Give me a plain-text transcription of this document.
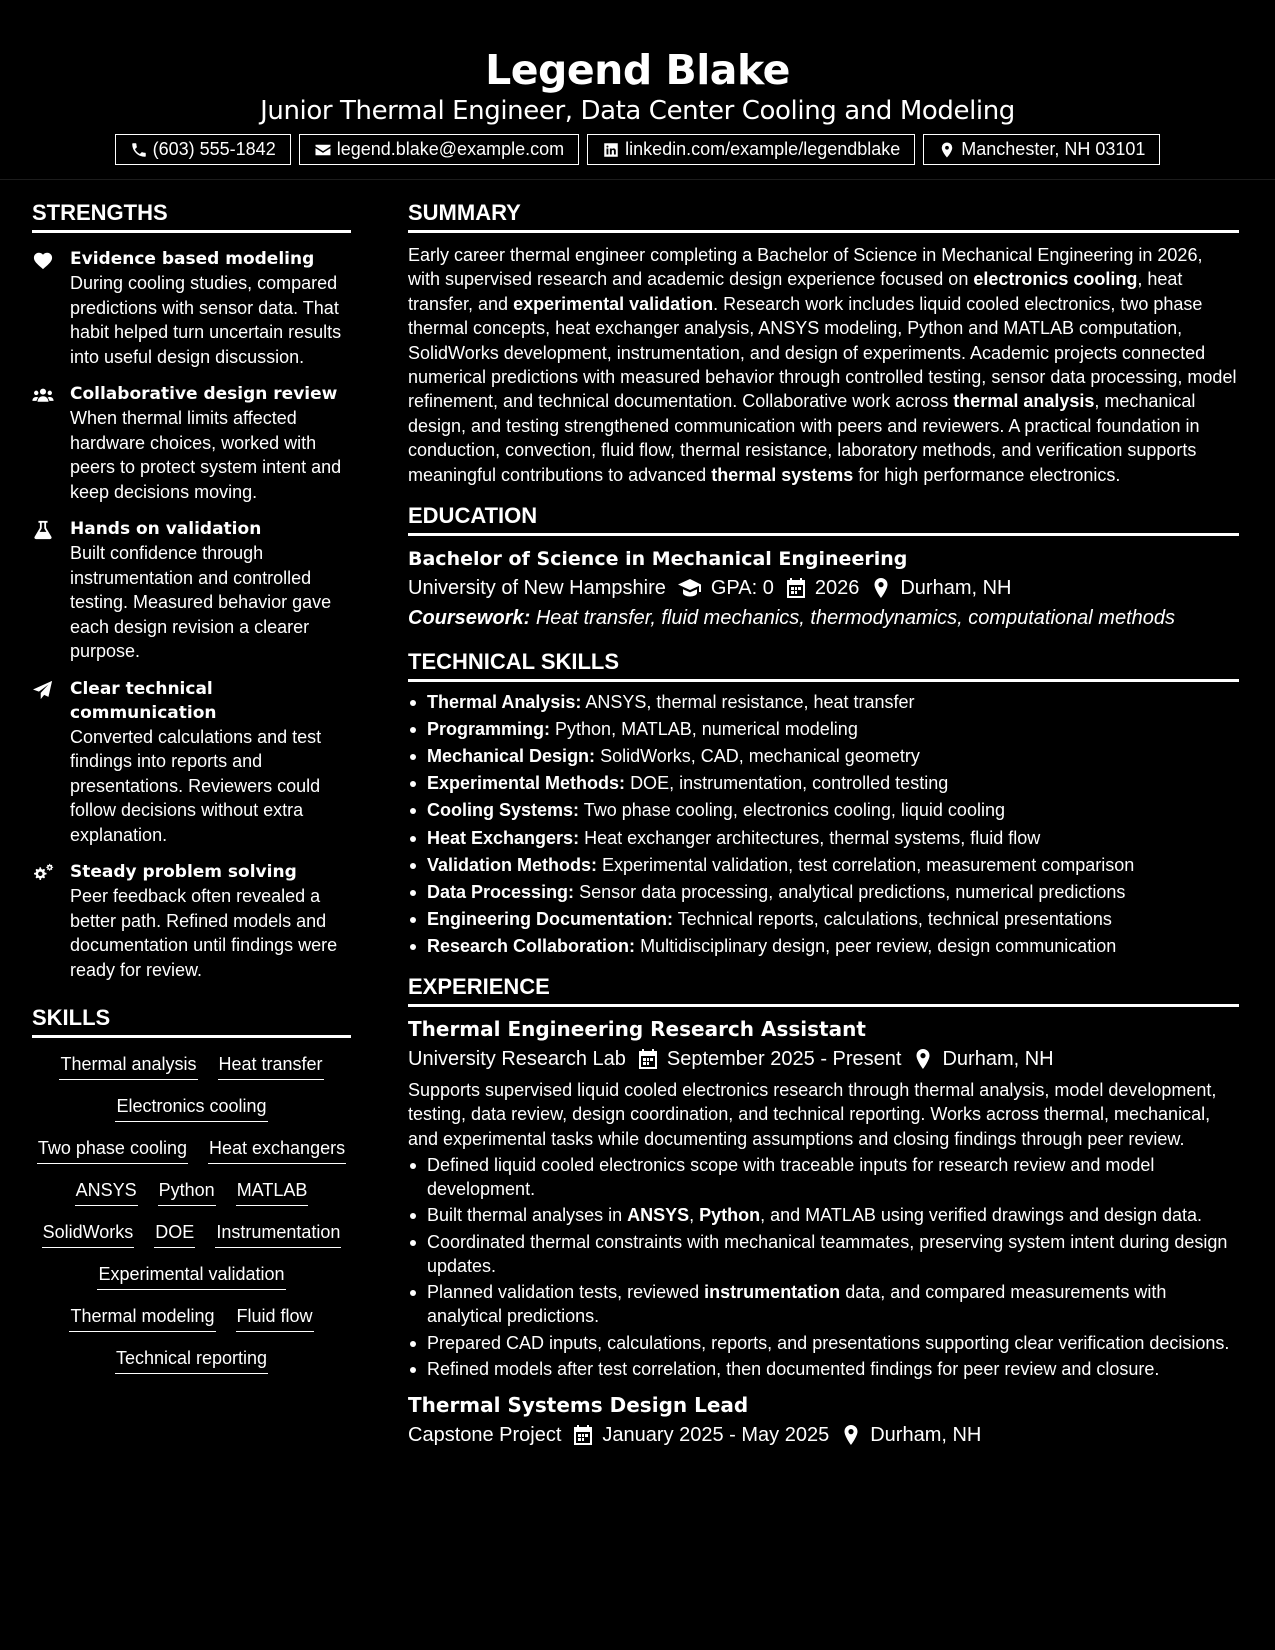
Legend Blake
Junior Thermal Engineer, Data Center Cooling and Modeling
(603) 555-1842	legend.blake@example.com	linkedin.com/example/legendblake	Manchester, NH 03101
STRENGTHS
Evidence based modeling
During cooling studies, compared predictions with sensor data. That habit helped turn uncertain results into useful design discussion.
Collaborative design review
When thermal limits affected hardware choices, worked with peers to protect system intent and keep decisions moving.
Hands on validation
Built confidence through instrumentation and controlled testing. Measured behavior gave each design revision a clearer purpose.
Clear technical communication
Converted calculations and test findings into reports and presentations. Reviewers could follow decisions without extra explanation.
Steady problem solving
Peer feedback often revealed a better path. Refined models and documentation until findings were ready for review.
SKILLS
Thermal analysis Heat transfer
Electronics cooling
Two phase cooling Heat exchangers
ANSYS Python MATLAB
SolidWorks DOE Instrumentation
Experimental validation
Thermal modeling Fluid flow
Technical reporting
SUMMARY
Early career thermal engineer completing a Bachelor of Science in Mechanical Engineering in 2026, with supervised research and academic design experience focused on electronics cooling, heat transfer, and experimental validation. Research work includes liquid cooled electronics, two phase thermal concepts, heat exchanger analysis, ANSYS modeling, Python and MATLAB computation, SolidWorks development, instrumentation, and design of experiments. Academic projects connected numerical predictions with measured behavior through controlled testing, sensor data processing, model refinement, and technical documentation. Collaborative work across thermal analysis, mechanical design, and testing strengthened communication with peers and reviewers. A practical foundation in conduction, convection, fluid flow, thermal resistance, laboratory methods, and verification supports meaningful contributions to advanced thermal systems for high performance electronics.
EDUCATION
Bachelor of Science in Mechanical Engineering
University of New Hampshire GPA: 0 2026 Durham, NH
Coursework: Heat transfer, fluid mechanics, thermodynamics, computational methods
TECHNICAL SKILLS
Thermal Analysis: ANSYS, thermal resistance, heat transfer
Programming: Python, MATLAB, numerical modeling
Mechanical Design: SolidWorks, CAD, mechanical geometry
Experimental Methods: DOE, instrumentation, controlled testing
Cooling Systems: Two phase cooling, electronics cooling, liquid cooling
Heat Exchangers: Heat exchanger architectures, thermal systems, fluid flow
Validation Methods: Experimental validation, test correlation, measurement comparison
Data Processing: Sensor data processing, analytical predictions, numerical predictions
Engineering Documentation: Technical reports, calculations, technical presentations
Research Collaboration: Multidisciplinary design, peer review, design communication
EXPERIENCE
Thermal Engineering Research Assistant
University Research Lab September 2025 - Present Durham, NH
Supports supervised liquid cooled electronics research through thermal analysis, model development, testing, data review, design coordination, and technical reporting. Works across thermal, mechanical, and experimental tasks while documenting assumptions and closing findings through peer review.
Defined liquid cooled electronics scope with traceable inputs for research review and model development.
Built thermal analyses in ANSYS, Python, and MATLAB using verified drawings and design data.
Coordinated thermal constraints with mechanical teammates, preserving system intent during design updates.
Planned validation tests, reviewed instrumentation data, and compared measurements with analytical predictions.
Prepared CAD inputs, calculations, reports, and presentations supporting clear verification decisions.
Refined models after test correlation, then documented findings for peer review and closure.
Thermal Systems Design Lead
Capstone Project January 2025 - May 2025 Durham, NH
